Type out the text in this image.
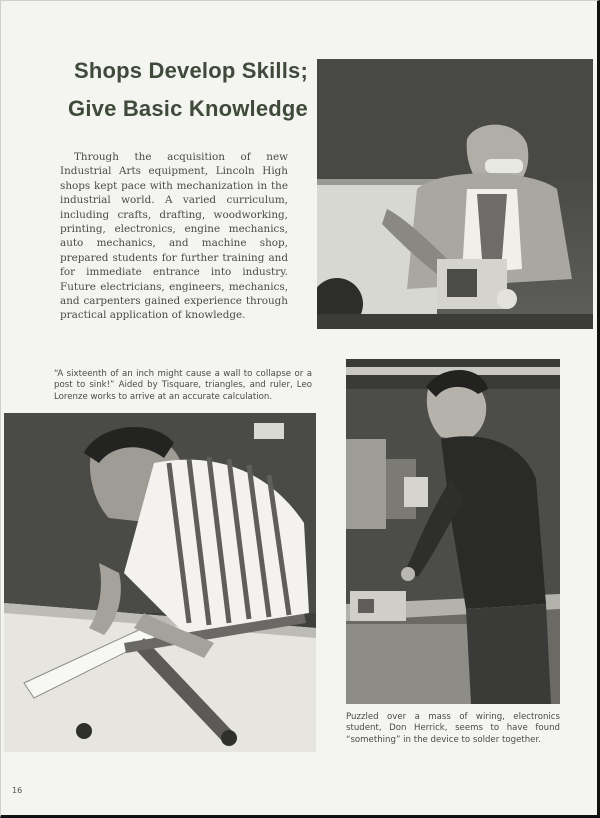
Shops Develop Skills;
Give Basic Knowledge

Through the acquisition of new Industrial Arts equipment, Lincoln High shops kept pace with mechanization in the industrial world. A varied curriculum, including crafts, drafting, woodworking, printing, electronics, engine mechanics, auto mechanics, and machine shop, prepared students for further training and for immediate entrance into industry. Future electricians, engineers, mechanics, and carpenters gained experience through practical application of knowledge.

“A sixteenth of an inch might cause a wall to collapse or a post to sink!” Aided by Tisquare, triangles, and ruler, Leo Lorenze works to arrive at an accurate calculation.

Puzzled over a mass of wiring, electronics student, Don Herrick, seems to have found “something” in the device to solder together.

16
